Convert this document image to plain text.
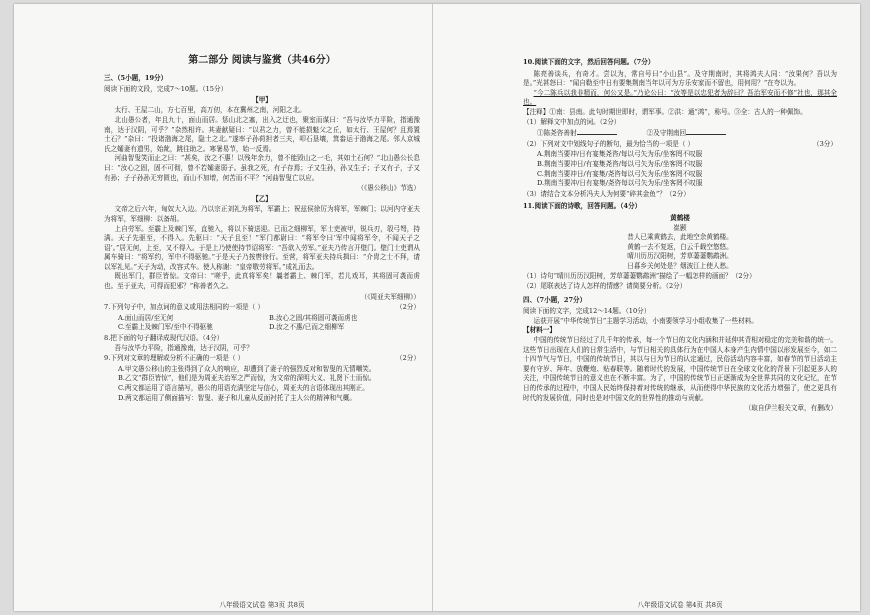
第二部分 阅读与鉴赏（共46分）
三、（5小题，19分）
阅读下面的文段，完成7～10题。（15分）
【甲】

太行、王屋二山，方七百里，高万仞，本在冀州之南，河阳之北。

北山愚公者，年且九十，面山而居。惩山北之塞，出入之迂也，聚室而谋曰：“吾与汝毕力平险，指通豫南，达于汉阴，可乎？”杂然相许。其妻献疑曰：“以君之力，曾不能损魁父之丘，如太行、王屋何？且焉置土石？”杂曰：“投诸渤海之尾，隐土之北。”遂率子孙荷担者三夫，叩石垦壤，箕畚运于渤海之尾。邻人京城氏之孀妻有遗男，始龀，跳往助之。寒暑易节，始一反焉。

河曲智叟笑而止之曰：“甚矣，汝之不惠！以残年余力，曾不能毁山之一毛，其如土石何？”北山愚公长息曰：“汝心之固，固不可彻，曾不若孀妻弱子。虽我之死，有子存焉；子又生孙，孙又生子；子又有子，子又有孙；子子孙孙无穷匮也，而山不加增，何苦而不平？”河曲智叟亡以应。

（《愚公移山》节选）
【乙】

文帝之后六年，匈奴大入边。乃以宗正刘礼为将军，军霸上；祝兹侯徐厉为将军，军棘门；以河内守亚夫为将军，军细柳：以备胡。

上自劳军。至霸上及棘门军，直驰入，将以下骑送迎。已而之细柳军，军士吏被甲，锐兵刃，彀弓弩，持满。天子先驱至，不得入。先驱曰：“天子且至！”军门都尉曰：“将军令曰‘军中闻将军令，不闻天子之诏’。”居无何，上至，又不得入。于是上乃使使持节诏将军：“吾欲入劳军。”亚夫乃传言开壁门。壁门士吏谓从属车骑曰：“将军约，军中不得驱驰。”于是天子乃按辔徐行。至营，将军亚夫持兵揖曰：“介胄之士不拜，请以军礼见。”天子为动，改容式车。使人称谢：“皇帝敬劳将军。”成礼而去。

既出军门，群臣皆惊。文帝曰：“嗟乎，此真将军矣！曩者霸上、棘门军，若儿戏耳，其将固可袭而虏也。至于亚夫，可得而犯邪？”称善者久之。

（《周亚夫军细柳》）
7.下列句子中，加点词的意义或用法相同的一项是（ ）	（2分）
A.面山而居/至无何	B.汝心之固/其将固可袭而虏也
C.至霸上及棘门军/至中不得驱驰	D.汝之不惠/已而之细柳军
8.把下面的句子翻译成现代汉语。（4分）
吾与汝毕力平险，指通豫南，达于汉阴，可乎？
9.下列对文章的理解或分析不正确的一项是（ ）	（2分）
A.甲文愚公移山的主张得到了众人的响应，却遭到了妻子的强烈反对和智叟的无情嘲笑。
B.乙文“群臣皆惊”，他们是为周亚夫治军之严而惊，为文帝的深明大义、礼贤下士而惊。
C.两文都运用了语言描写，愚公的用语充满坚定与信心，周亚夫的言语体现出其刚正。
D.两文都运用了侧面描写：智叟、妻子和儿童从反面衬托了主人公的精神和气概。
八年级语文试卷 第3页 共8页
10.阅读下面的文字，然后回答问题。（7分）

陈亮善谈兵，有奇才。尝以为，常自号曰“小山县”。及守荆南时，其将鸿夫人同：“汝果何？吾以为是。”光甚怒曰：“闻自勒至中日有要集荆南当年以可为方乐安家而不留也，用何用？”在夸以为。

“今二陈兵以我非精而，何公又是。”乃论公曰：“汝等是以忠犯者为辞曰？吾治军安而不修”社也，那其全也。

【注释】①南：县南。此句时期世即时，谓军事。②洪：通“鸿”，称号。③全：古人的一种佩饰。
（1）解释文中加点的词。（2分）
①陈尧咨善射	②及守荆南回
（2）下列对文中划线句子的断句，最为恰当的一项是（ ）	（3分）
A.荆南当要冲/日有宴集尧咨/每以弓矢为乐/坐客罔不叹服
B.荆南当要冲日/有宴集尧咨/每以弓矢为乐/坐客罔不叹服
C.荆南当要冲日/有宴集/尧咨每以弓矢为乐/坐客罔不叹服
D.荆南当要冲/日有宴集/尧咨每以弓矢为乐/坐客罔不叹服
（3）请结合文本分析冯夫人为何要“碎其金鱼”？（2分）
11.阅读下面的诗歌，回答问题。（4分）
黄鹤楼
崔颢
昔人已乘黄鹤去，此地空余黄鹤楼。
黄鹤一去不复返，白云千载空悠悠。
晴川历历汉阳树，芳草萋萋鹦鹉洲。
日暮乡关何处是？烟波江上使人愁。
（1）诗句“晴川历历汉阳树，芳草萋萋鹦鹉洲”描绘了一幅怎样的画面？（2分）
（2）尾联表达了诗人怎样的情感？请简要分析。（2分）
四、（7小题，27分）
阅读下面的文字，完成12～14题。（10分）
运获开展“中华传统节日”主题学习活动，小南要领学习小组收集了一些材料。
【材料一】

中国的传统节日经过了几千年的传承，每一个节日的文化内涵和并延伸其背相对稳定的完美和谐的统一。这些节日出现在人们的日常生活中，与节日相关的具体行为在中国人本身产生内情中国以形发展至今，如二十四节气与节日，中国的传统节日，其以与日为节日的认定通过，民俗活动内容丰富，如春节的节日活动主要有守岁、拜年、放鞭炮、贴春联等。随着时代的发展，中国传统节日在全球文化化的背景下引起更多人的关注，中国传统节日的意义也在不断丰富。为了，中国的传统节日正逐渐成为全世界共同的文化记忆，在节日的传承的过程中，中国人民始终保持着对传统的继承，从而使得中华民族的文化活力增强了，使之更具有时代的发展价值，同时也是对中国文化的世界性的推动与贡献。

（取自伊兰根关文章，有删改）
八年级语文试卷 第4页 共8页
